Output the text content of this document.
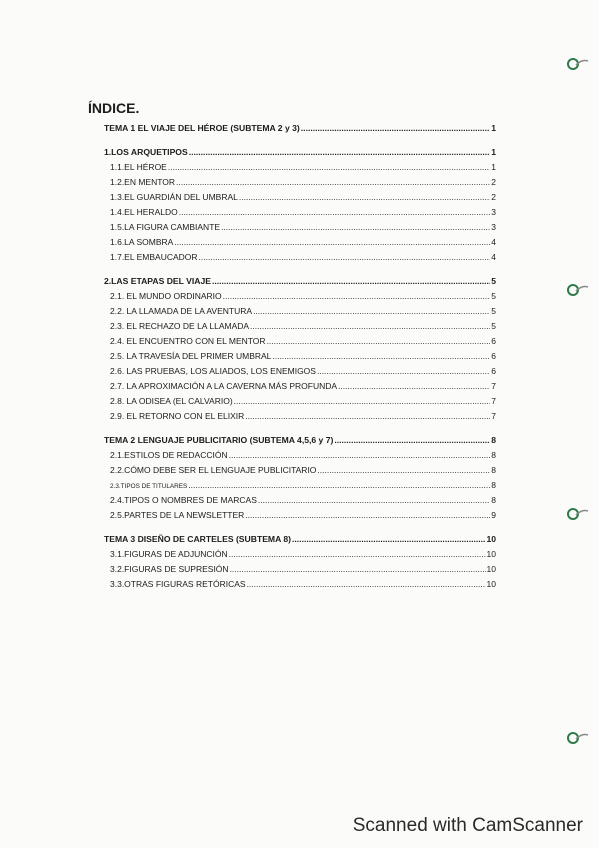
ÍNDICE.
TEMA 1 EL VIAJE DEL HÉROE (SUBTEMA 2 y 3) .....	1
1.LOS ARQUETIPOS .....	1
1.1.EL HÉROE .....	1
1.2.EN MENTOR .....	2
1.3.EL GUARDIÁN DEL UMBRAL .....	2
1.4.EL HERALDO .....	3
1.5.LA FIGURA CAMBIANTE .....	3
1.6.LA SOMBRA .....	4
1.7.EL EMBAUCADOR .....	4
2.LAS ETAPAS DEL VIAJE .....	5
2.1. EL MUNDO ORDINARIO .....	5
2.2. LA LLAMADA DE LA AVENTURA .....	5
2.3. EL RECHAZO DE LA LLAMADA .....	5
2.4. EL ENCUENTRO CON EL MENTOR .....	6
2.5. LA TRAVESÍA DEL PRIMER UMBRAL .....	6
2.6. LAS PRUEBAS, LOS ALIADOS, LOS ENEMIGOS .....	6
2.7. LA APROXIMACIÓN A LA CAVERNA MÁS PROFUNDA .....	7
2.8. LA ODISEA (EL CALVARIO) .....	7
2.9. EL RETORNO CON EL ELIXIR .....	7
TEMA 2 LENGUAJE PUBLICITARIO (SUBTEMA 4,5,6 y 7) .....	8
2.1.ESTILOS DE REDACCIÓN .....	8
2.2.CÓMO DEBE SER EL LENGUAJE PUBLICITARIO .....	8
2.3.TIPOS DE TITULARES .....	8
2.4.TIPOS O NOMBRES DE MARCAS .....	8
2.5.PARTES DE LA NEWSLETTER .....	9
TEMA 3 DISEÑO DE CARTELES (SUBTEMA 8) .....	10
3.1.FIGURAS DE ADJUNCIÓN .....	10
3.2.FIGURAS DE SUPRESIÓN .....	10
3.3.OTRAS FIGURAS RETÓRICAS .....	10

Scanned with CamScanner
